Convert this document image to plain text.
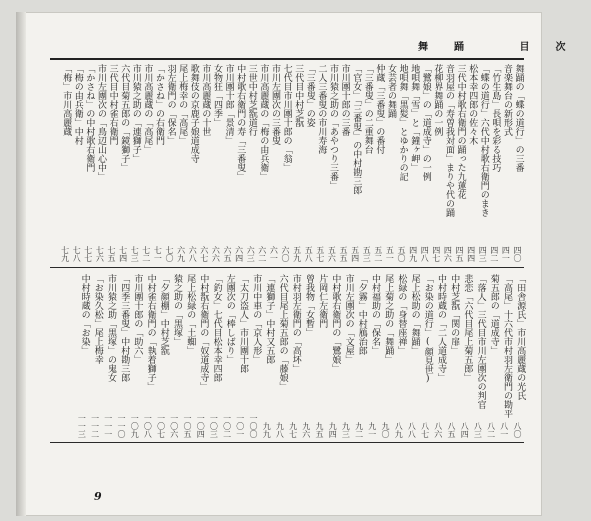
舞踊 目次
舞踊の「蝶の道行」の三番
四〇
音楽舞台の新形式
四一
「竹生島」長唄を彩る技巧
四二
「蝶の道行」六代中村歌右衛門のまき
四三
松本幸四郎の佐々木
四四
三代中村歌右衛門の踊った九蓮花
四五
音羽屋の「寿曽我対面」まりや代の踊
四六
花柳界舞踊の一例
四七
「鷺娘」の「道成寺」の一例
四八
地唄舞「雪」と「鐘ヶ岬」
四九
地唄舞「黒髪」とゆかりの記
五〇
女芸者の舞踊
五一
仲蔵「三番叟」の番付
五二
「三番叟」の二重舞台
五三
「官女」「三番叟」の中村勘三郎
五四
市川團十郎の三番
五五
市川猿之助の「あやつり三番」
五六
二人三番叟の市川寿海
五七
「三番叟」の姿
五八
三代目中村芝翫
五九
七代目市川團十郎の「翁」
六〇
市川左團次の三番叟
六一
市川高麗蔵の「梅の由兵衛」
六二
三世中村芝翫道行
六三
中村歌右衛門の寿「三番叟」
六四
市川團十郎「景清」
六五
女物狂「四季」
六六
市川高麗蔵の十世
六七
歌舞伎の京鹿子娘道成寺
六八
尾上梅幸の「高尾」
六九
羽左衛門の「保名」
七〇
「かさね」の右衛門
七一
市川高麗蔵の「高尾」
七二
市川猿之助の「連獅子」
七三
六代目菊五郎の「鏡獅子」
七四
三代目中村雀右衛門
七五
市川左團次の「鳥辺山心中」
七六
「かさね」の中村歌右衛門
七七
「梅の由兵衛」中村
七八
「梅」市川高麗蔵
七九
「田舎源氏」市川高麗蔵の光氏
八〇
「高尾」十六代市村羽左衛門の勘平
八一
菊五郎の「道成寺」
八二
「落人」三代目市川左團次の判官
八三
悲恋「六代目尾上菊五郎」
八四
中村芝翫「関の扉」
八五
中村時蔵の「二人道成寺」
八六
「お染の道行」(顔見世)
八七
尾上松助の「舞踊」
八八
松緑の「身替座禅」
八九
尾上菊之助の「舞踊」
九〇
中村福助の「保名」
九一
「夕霧」中村鴈治郎
九二
市川左團次の「文屋」
九三
中村歌右衛門の「鷺娘」
九四
片岡仁左衛門
九五
曾我物「女暫」
九六
市村羽左衛門の「高坏」
九七
六代目尾上菊五郎の「藤娘」
九八
「連獅子」中村又五郎
九九
市川中車の「京人形」
一〇〇
「太刀盗人」市川團十郎
一〇一
左團次の「棒しばり」
一〇二
「釣女」七代目松本幸四郎
一〇三
中村翫右衛門の「奴道成寺」
一〇四
尾上松緑の「土蜘」
一〇五
猿之助の「黒塚」
一〇六
「夕顔棚」中村芝翫
一〇七
中村雀右衛門の「執着獅子」
一〇八
市川團十郎の「助六」
一〇九
「四季三番叟」中村勘三郎
一一〇
市川猿之助「黒塚」の鬼女
一一一
「お染久松」尾上梅幸
一一二
中村時蔵の「お染」
一一三
9
